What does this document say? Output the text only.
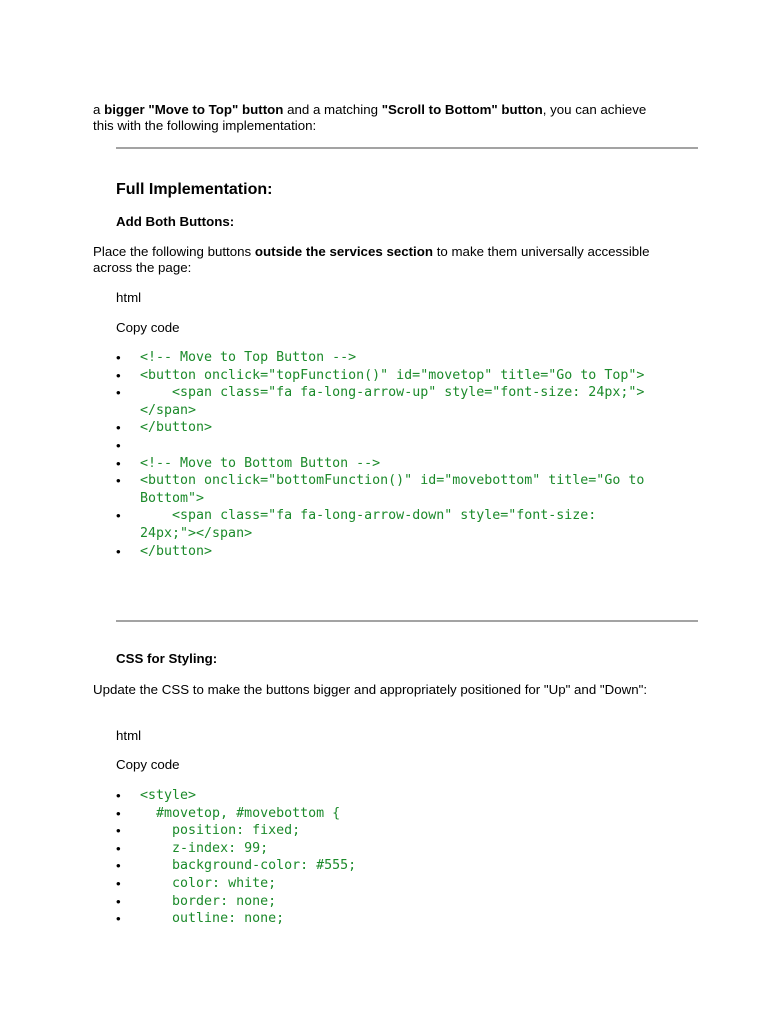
a bigger "Move to Top" button and a matching "Scroll to Bottom" button, you can achieve this with the following implementation:

Full Implementation:
Add Both Buttons:

Place the following buttons outside the services section to make them universally accessible across the page:

html
Copy code
• <!-- Move to Top Button -->
• <button onclick="topFunction()" id="movetop" title="Go to Top">
• <span class="fa fa-long-arrow-up" style="font-size: 24px;"></span>
• </button>
•
• <!-- Move to Bottom Button -->
• <button onclick="bottomFunction()" id="movebottom" title="Go to Bottom">
• <span class="fa fa-long-arrow-down" style="font-size: 24px;"></span>
• </button>
CSS for Styling:

Update the CSS to make the buttons bigger and appropriately positioned for "Up" and "Down":

html
Copy code
• <style>
• #movetop, #movebottom {
• position: fixed;
• z-index: 99;
• background-color: #555;
• color: white;
• border: none;
• outline: none;
